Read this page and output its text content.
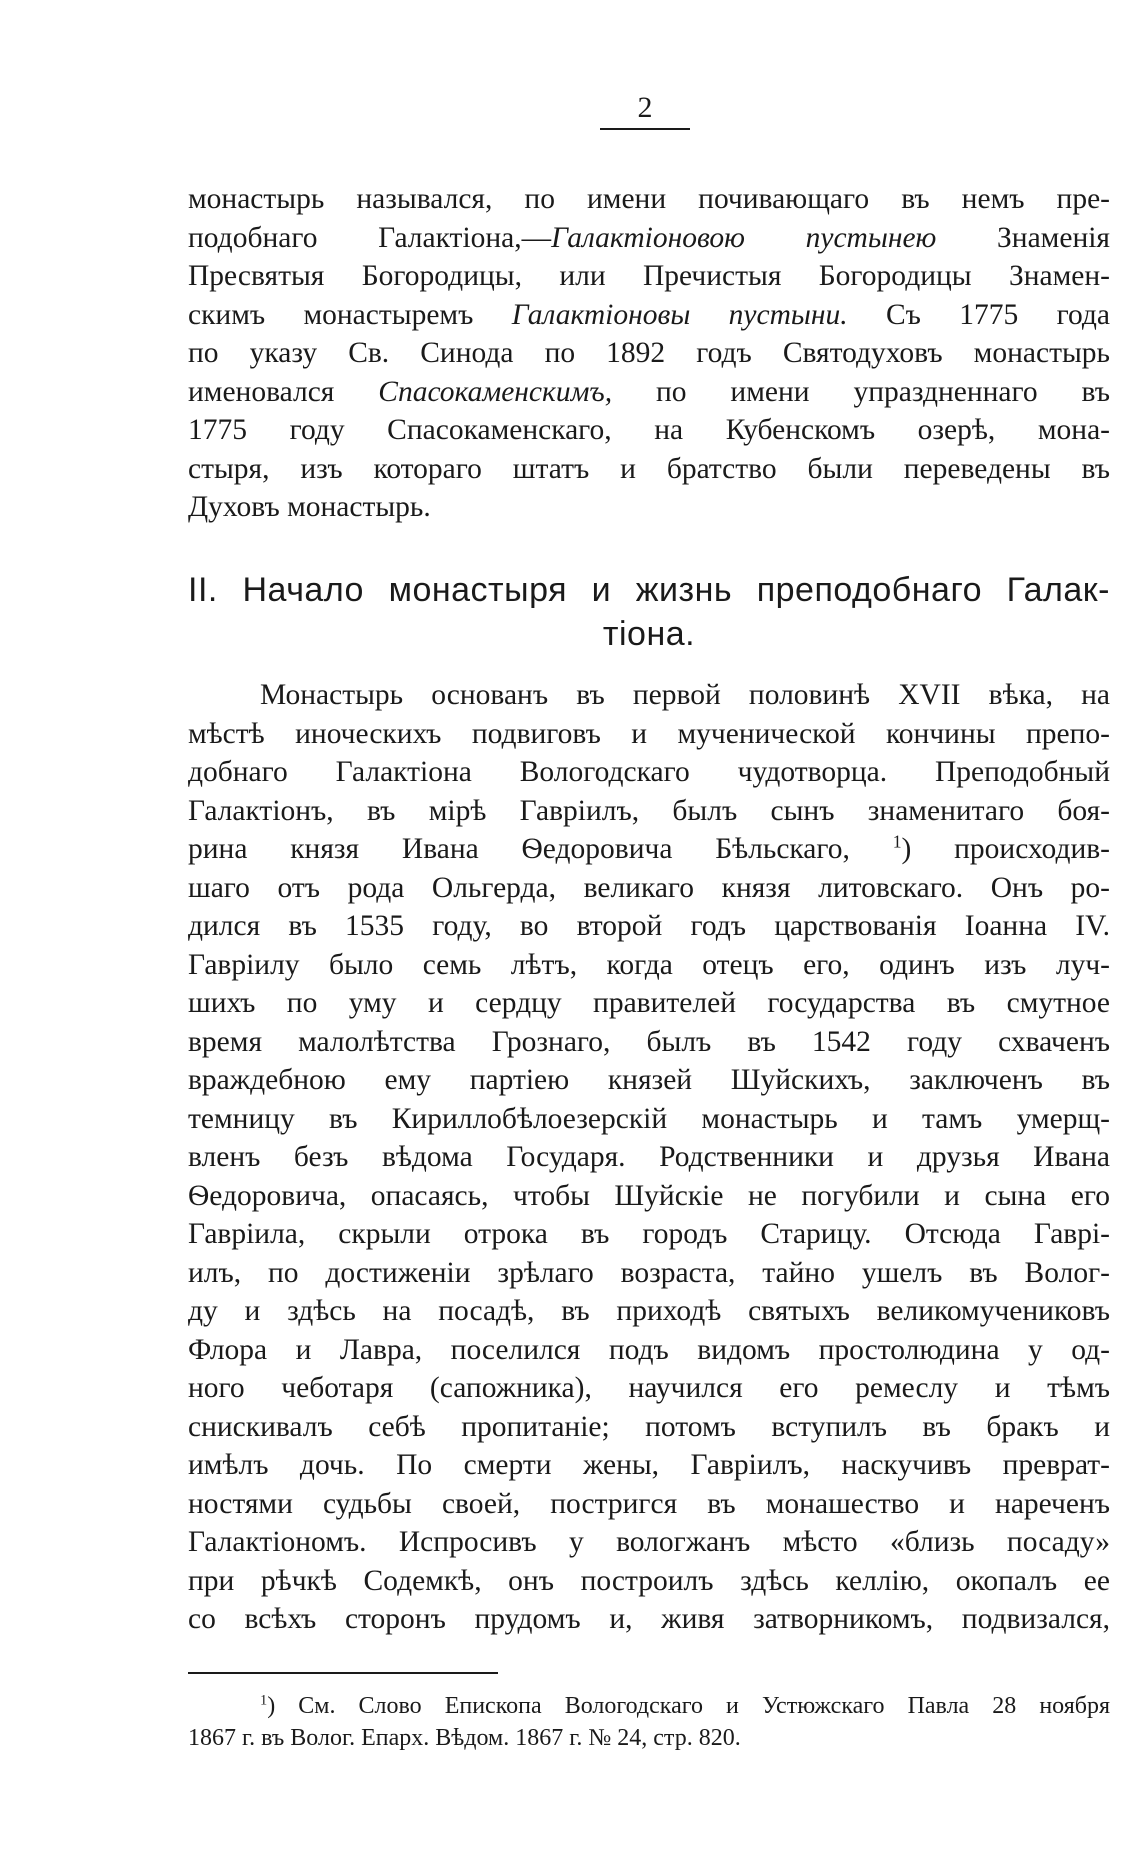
2
монастырь назывался, по имени почивающаго въ немъ пре-
подобнаго Галактіона,—Галактіоновою пустынею Знаменія
Пресвятыя Богородицы, или Пречистыя Богородицы Знамен-
скимъ монастыремъ Галактіоновы пустыни. Съ 1775 года
по указу Св. Синода по 1892 годъ Святодуховъ монастырь
именовался Спасокаменскимъ, по имени упраздненнаго въ
1775 году Спасокаменскаго, на Кубенскомъ озерѣ, мона-
стыря, изъ котораго штатъ и братство были переведены въ
Духовъ монастырь.
II. Начало монастыря и жизнь преподобнаго Галак-
тіона.
Монастырь основанъ въ первой половинѣ XVII вѣка, на
мѣстѣ иноческихъ подвиговъ и мученической кончины препо-
добнаго Галактіона Вологодскаго чудотворца. Преподобный
Галактіонъ, въ мірѣ Гавріилъ, былъ сынъ знаменитаго боя-
рина князя Ивана Ѳедоровича Бѣльскаго, $^1$) происходив-
шаго отъ рода Ольгерда, великаго князя литовскаго. Онъ ро-
дился въ 1535 году, во второй годъ царствованія Іоанна IV.
Гавріилу было семь лѣтъ, когда отецъ его, одинъ изъ луч-
шихъ по уму и сердцу правителей государства въ смутное
время малолѣтства Грознаго, былъ въ 1542 году схваченъ
враждебною ему партіею князей Шуйскихъ, заключенъ въ
темницу въ Кириллобѣлоезерскій монастырь и тамъ умерщ-
вленъ безъ вѣдома Государя. Родственники и друзья Ивана
Ѳедоровича, опасаясь, чтобы Шуйскіе не погубили и сына его
Гавріила, скрыли отрока въ городъ Старицу. Отсюда Гаврі-
илъ, по достиженіи зрѣлаго возраста, тайно ушелъ въ Волог-
ду и здѣсь на посадѣ, въ приходѣ святыхъ великомучениковъ
Флора и Лавра, поселился подъ видомъ простолюдина у од-
ного чеботаря (сапожника), научился его ремеслу и тѣмъ
снискивалъ себѣ пропитаніе; потомъ вступилъ въ бракъ и
имѣлъ дочь. По смерти жены, Гавріилъ, наскучивъ преврат-
ностями судьбы своей, постригся въ монашество и нареченъ
Галактіономъ. Испросивъ у вологжанъ мѣсто «близь посаду»
при рѣчкѣ Содемкѣ, онъ построилъ здѣсь келлію, окопалъ ее
со всѣхъ сторонъ прудомъ и, живя затворникомъ, подвизался,
$^1$) См. Слово Епископа Вологодскаго и Устюжскаго Павла 28 ноября
1867 г. въ Волог. Епарх. Вѣдом. 1867 г. № 24, стр. 820.
